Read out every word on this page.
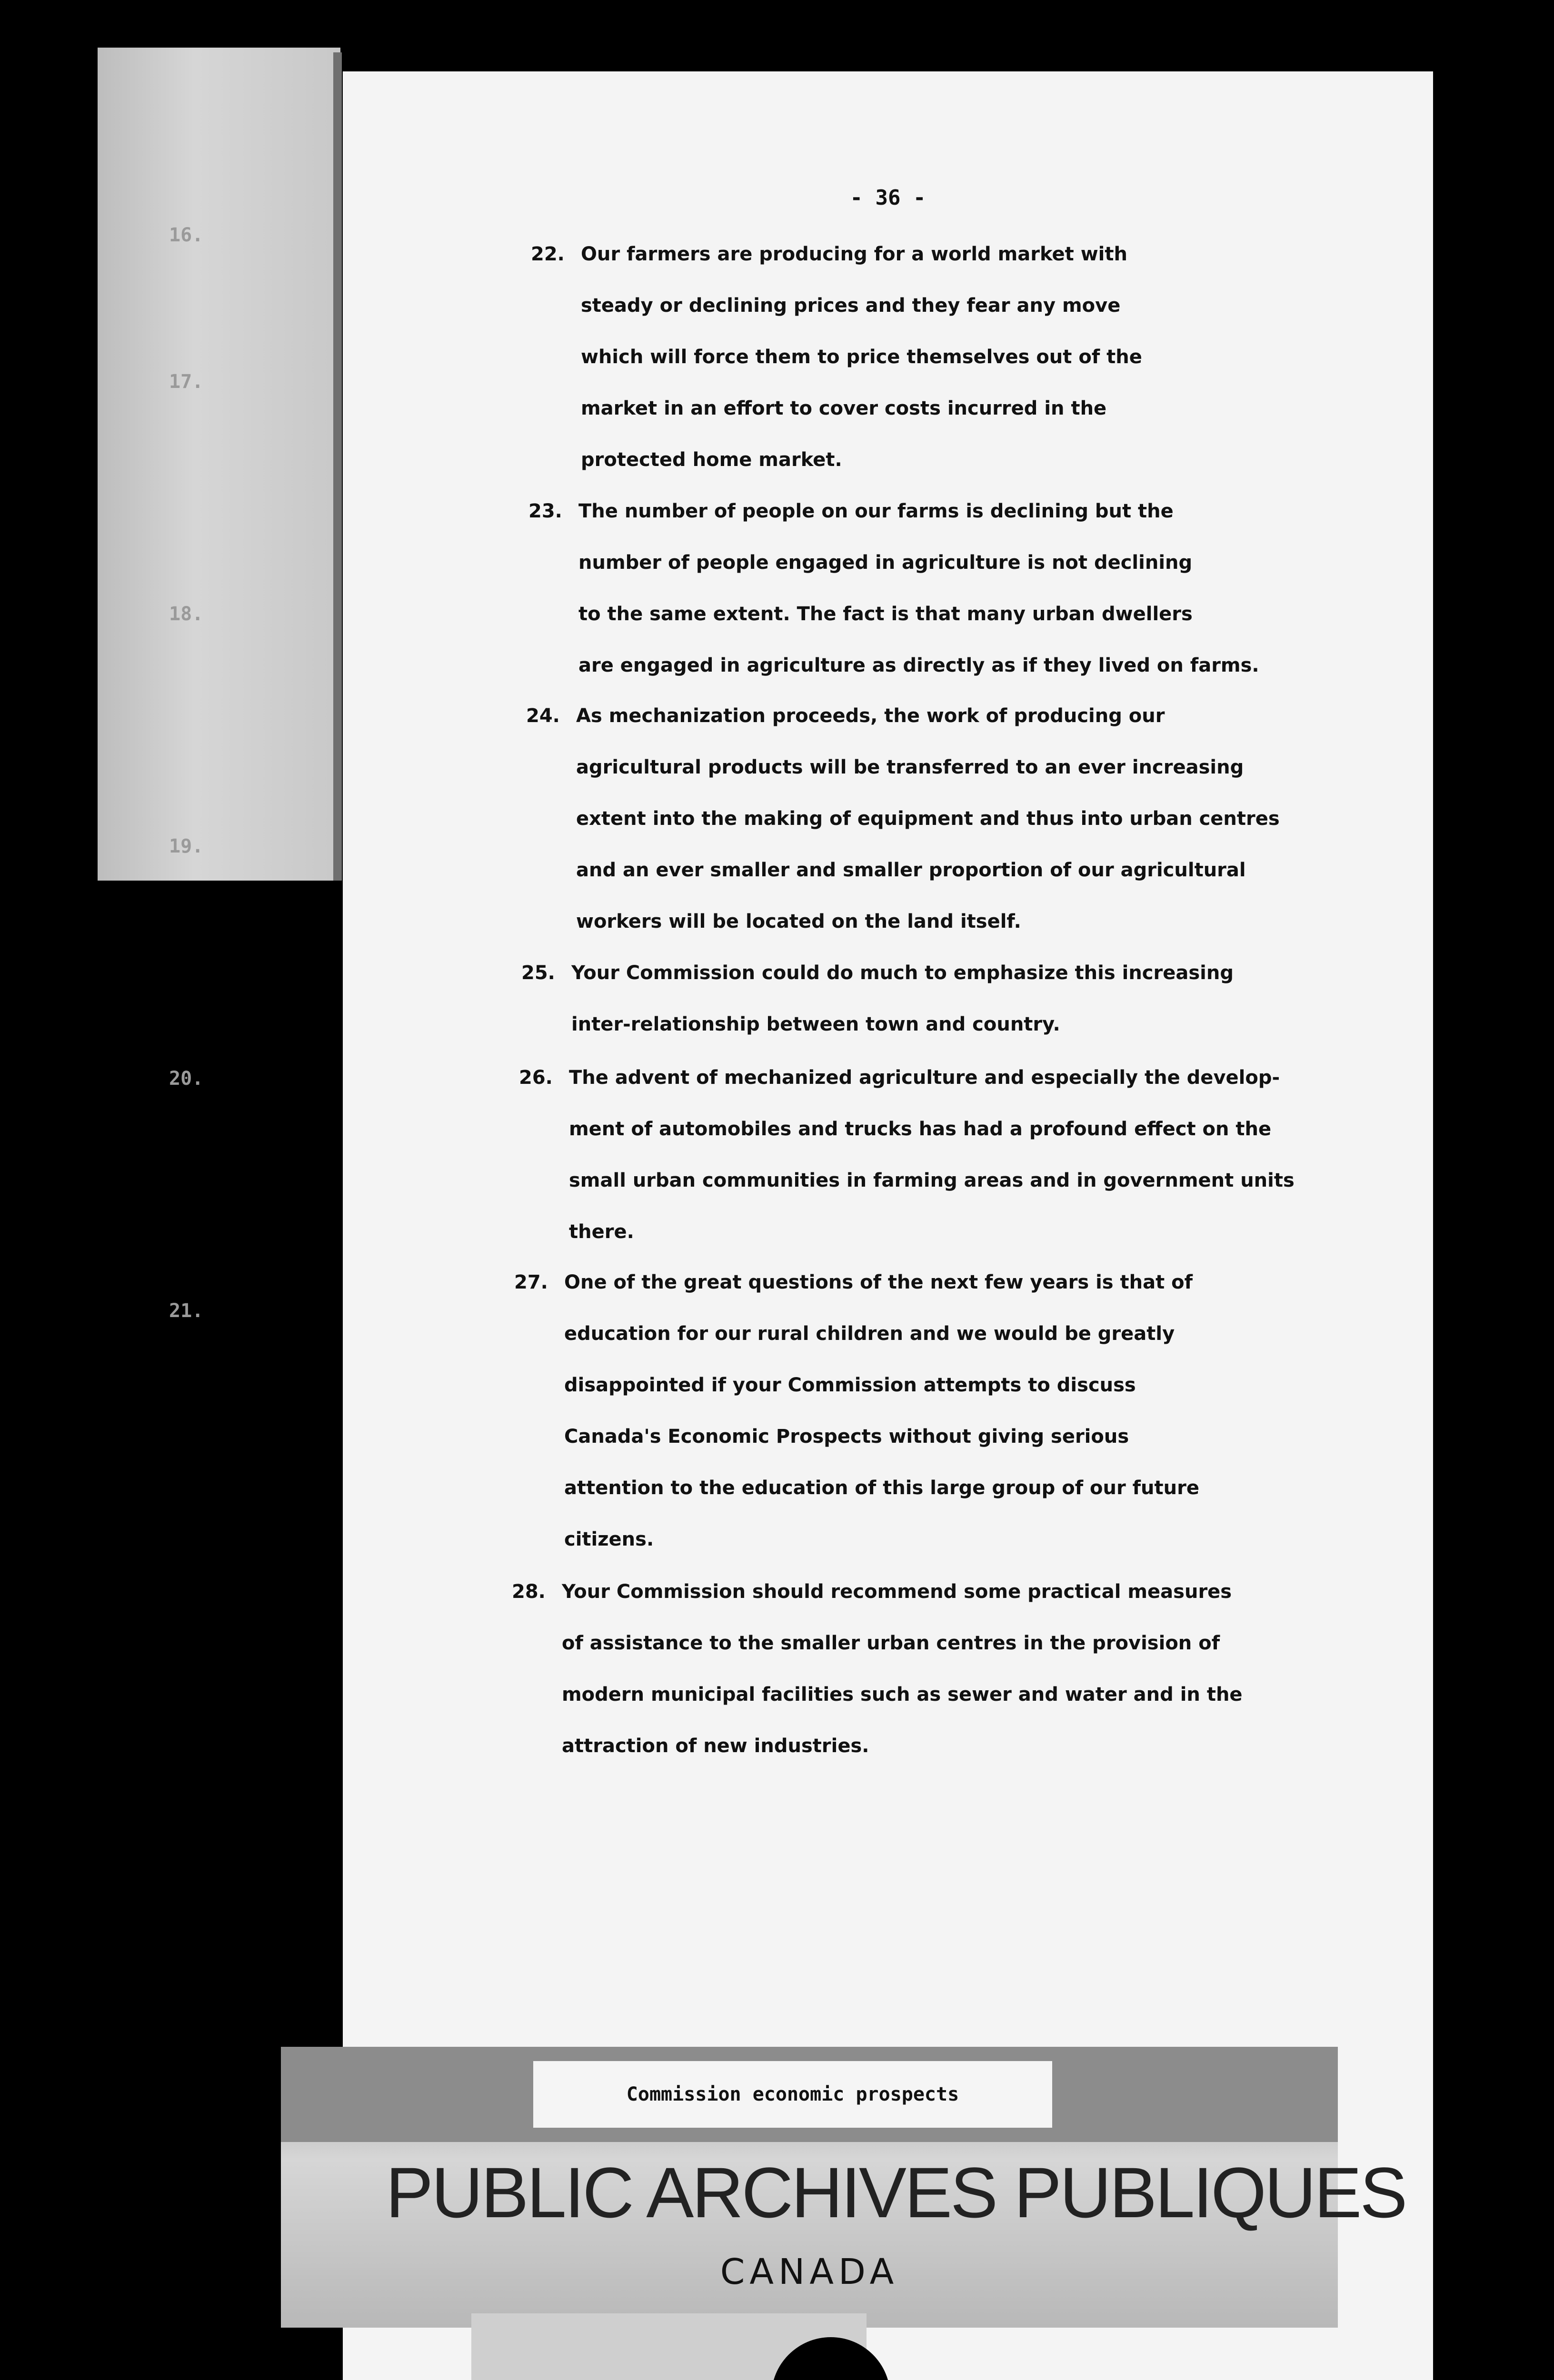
16.
17.
18.
19.
20.
21.
- 36 -
22. Our farmers are producing for a world market with
steady or declining prices and they fear any move
which will force them to price themselves out of the
market in an effort to cover costs incurred in the
protected home market.
23. The number of people on our farms is declining but the
number of people engaged in agriculture is not declining
to the same extent. The fact is that many urban dwellers
are engaged in agriculture as directly as if they lived on farms.
24. As mechanization proceeds, the work of producing our
agricultural products will be transferred to an ever increasing
extent into the making of equipment and thus into urban centres
and an ever smaller and smaller proportion of our agricultural
workers will be located on the land itself.
25. Your Commission could do much to emphasize this increasing
inter-relationship between town and country.
26. The advent of mechanized agriculture and especially the develop-
ment of automobiles and trucks has had a profound effect on the
small urban communities in farming areas and in government units
there.
27. One of the great questions of the next few years is that of
education for our rural children and we would be greatly
disappointed if your Commission attempts to discuss
Canada's Economic Prospects without giving serious
attention to the education of this large group of our future
citizens.
28. Your Commission should recommend some practical measures
of assistance to the smaller urban centres in the provision of
modern municipal facilities such as sewer and water and in the
attraction of new industries.
Commission economic prospects
PUBLIC ARCHIVES PUBLIQUES
CANADA
